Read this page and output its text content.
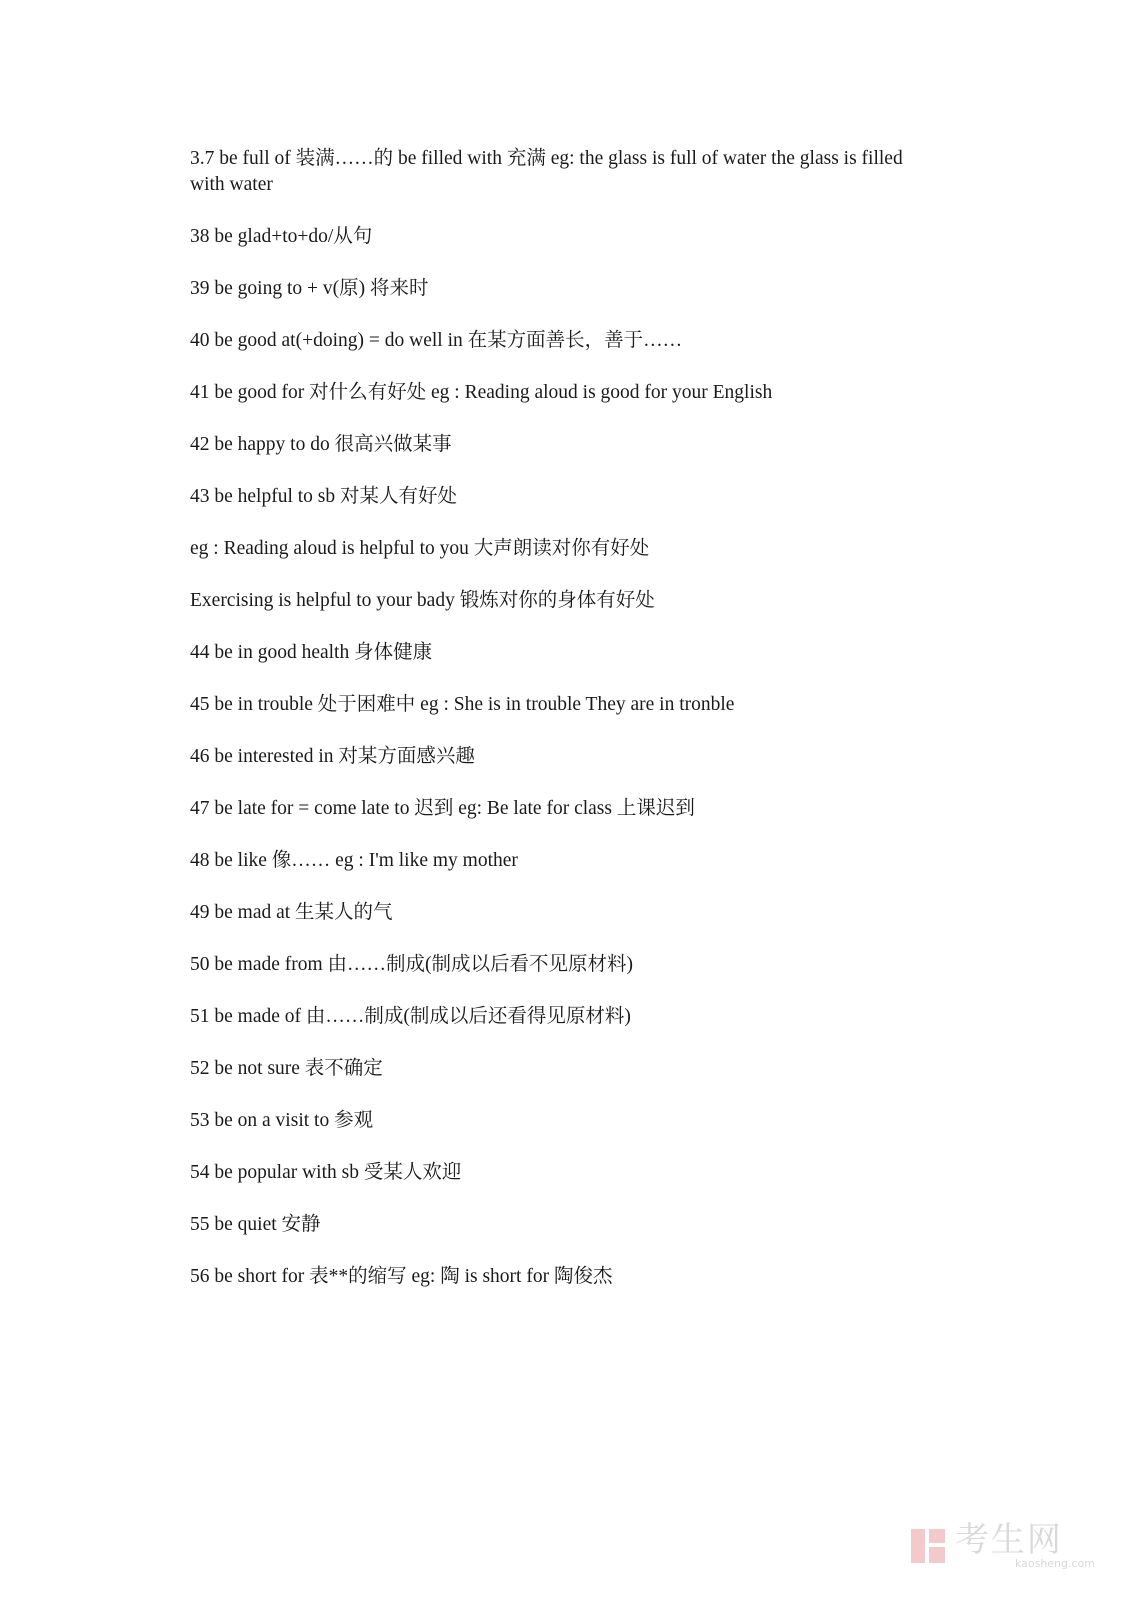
3.7 be full of 装满……的 be filled with 充满 eg: the glass is full of water the glass is filled with water

38 be glad+to+do/从句

39 be going to + v(原) 将来时

40 be good at(+doing) = do well in 在某方面善长，善于……

41 be good for 对什么有好处 eg : Reading aloud is good for your English

42 be happy to do 很高兴做某事

43 be helpful to sb 对某人有好处

eg : Reading aloud is helpful to you 大声朗读对你有好处

Exercising is helpful to your bady 锻炼对你的身体有好处

44 be in good health 身体健康

45 be in trouble 处于困难中 eg : She is in trouble They are in tronble

46 be interested in 对某方面感兴趣

47 be late for = come late to 迟到 eg: Be late for class 上课迟到

48 be like 像…… eg : I'm like my mother

49 be mad at 生某人的气

50 be made from 由……制成(制成以后看不见原材料)

51 be made of 由……制成(制成以后还看得见原材料)

52 be not sure 表不确定

53 be on a visit to 参观

54 be popular with sb 受某人欢迎

55 be quiet 安静

56 be short for 表**的缩写 eg: 陶 is short for 陶俊杰

考生网
kaosheng.com
